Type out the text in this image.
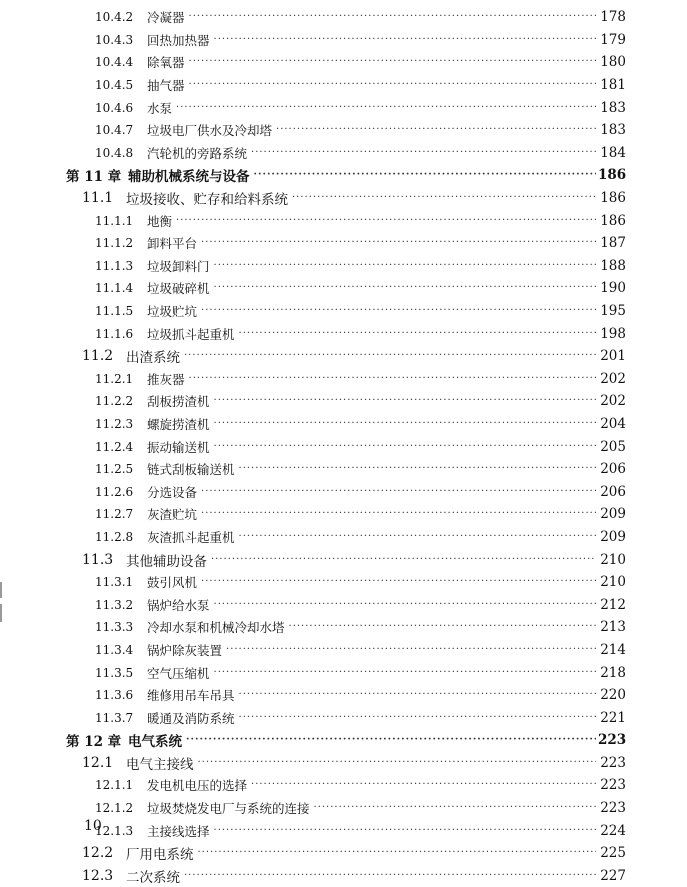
10.4.2	冷凝器 ·····	178
10.4.3	回热加热器 ·····	179
10.4.4	除氧器 ·····	180
10.4.5	抽气器 ·····	181
10.4.6	水泵 ·····	183
10.4.7	垃圾电厂供水及冷却塔 ·····	183
10.4.8	汽轮机的旁路系统 ·····	184
第 11 章 辅助机械系统与设备 ·····	186
11.1 垃圾接收、贮存和给料系统 ·····	186
11.1.1	地衡 ·····	186
11.1.2	卸料平台 ·····	187
11.1.3	垃圾卸料门 ·····	188
11.1.4	垃圾破碎机 ·····	190
11.1.5	垃圾贮坑 ·····	195
11.1.6	垃圾抓斗起重机 ·····	198
11.2 出渣系统 ·····	201
11.2.1	推灰器 ·····	202
11.2.2	刮板捞渣机 ·····	202
11.2.3	螺旋捞渣机 ·····	204
11.2.4	振动输送机 ·····	205
11.2.5	链式刮板输送机 ·····	206
11.2.6	分选设备 ·····	206
11.2.7	灰渣贮坑 ·····	209
11.2.8	灰渣抓斗起重机 ·····	209
11.3 其他辅助设备 ·····	210
11.3.1	鼓引风机 ·····	210
11.3.2	锅炉给水泵 ·····	212
11.3.3	冷却水泵和机械冷却水塔 ·····	213
11.3.4	锅炉除灰装置 ·····	214
11.3.5	空气压缩机 ·····	218
11.3.6	维修用吊车吊具 ·····	220
11.3.7	暖通及消防系统 ·····	221
第 12 章 电气系统 ·····	223
12.1 电气主接线 ·····	223
12.1.1	发电机电压的选择 ·····	223
12.1.2	垃圾焚烧发电厂与系统的连接 ·····	223
12.1.3	主接线选择 ·····	224
12.2 厂用电系统 ·····	225
12.3 二次系统 ·····	227
10
